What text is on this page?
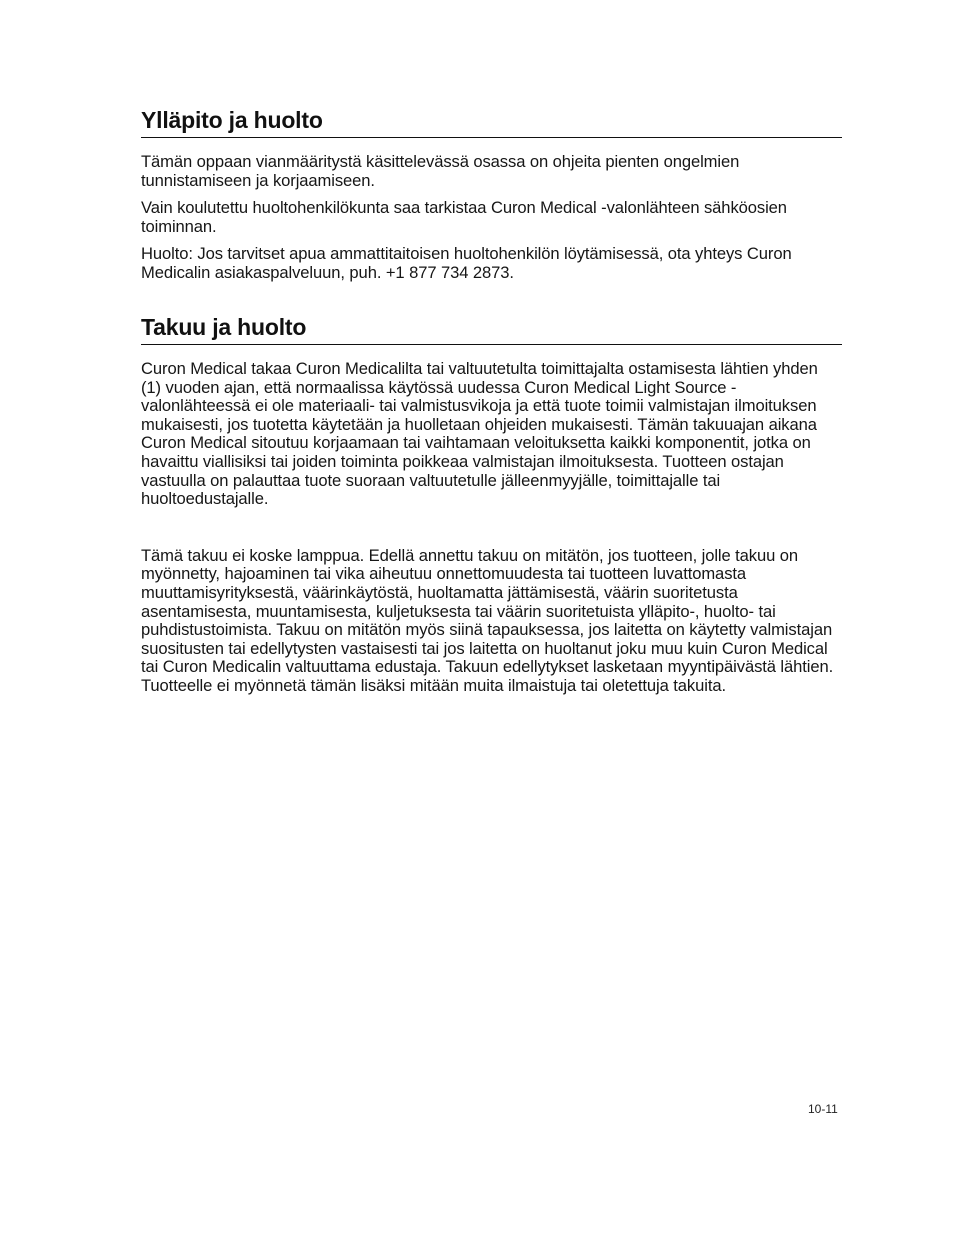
Ylläpito ja huolto

Tämän oppaan vianmääritystä käsittelevässä osassa on ohjeita pienten ongelmien tunnistamiseen ja korjaamiseen.

Vain koulutettu huoltohenkilökunta saa tarkistaa Curon Medical -valonlähteen sähköosien toiminnan.

Huolto: Jos tarvitset apua ammattitaitoisen huoltohenkilön löytämisessä, ota yhteys Curon Medicalin asiakaspalveluun, puh. +1 877 734 2873.

Takuu ja huolto

Curon Medical takaa Curon Medicalilta tai valtuutetulta toimittajalta ostamisesta lähtien yhden (1) vuoden ajan, että normaalissa käytössä uudessa Curon Medical Light Source -valonlähteessä ei ole materiaali- tai valmistusvikoja ja että tuote toimii valmistajan ilmoituksen mukaisesti, jos tuotetta käytetään ja huolletaan ohjeiden mukaisesti. Tämän takuuajan aikana Curon Medical sitoutuu korjaamaan tai vaihtamaan veloituksetta kaikki komponentit, jotka on havaittu viallisiksi tai joiden toiminta poikkeaa valmistajan ilmoituksesta. Tuotteen ostajan vastuulla on palauttaa tuote suoraan valtuutetulle jälleenmyyjälle, toimittajalle tai huoltoedustajalle.

Tämä takuu ei koske lamppua. Edellä annettu takuu on mitätön, jos tuotteen, jolle takuu on myönnetty, hajoaminen tai vika aiheutuu onnettomuudesta tai tuotteen luvattomasta muuttamisyrityksestä, väärinkäytöstä, huoltamatta jättämisestä, väärin suoritetusta asentamisesta, muuntamisesta, kuljetuksesta tai väärin suoritetuista ylläpito-, huolto- tai puhdistustoimista. Takuu on mitätön myös siinä tapauksessa, jos laitetta on käytetty valmistajan suositusten tai edellytysten vastaisesti tai jos laitetta on huoltanut joku muu kuin Curon Medical tai Curon Medicalin valtuuttama edustaja. Takuun edellytykset lasketaan myyntipäivästä lähtien. Tuotteelle ei myönnetä tämän lisäksi mitään muita ilmaistuja tai oletettuja takuita.

10-11
